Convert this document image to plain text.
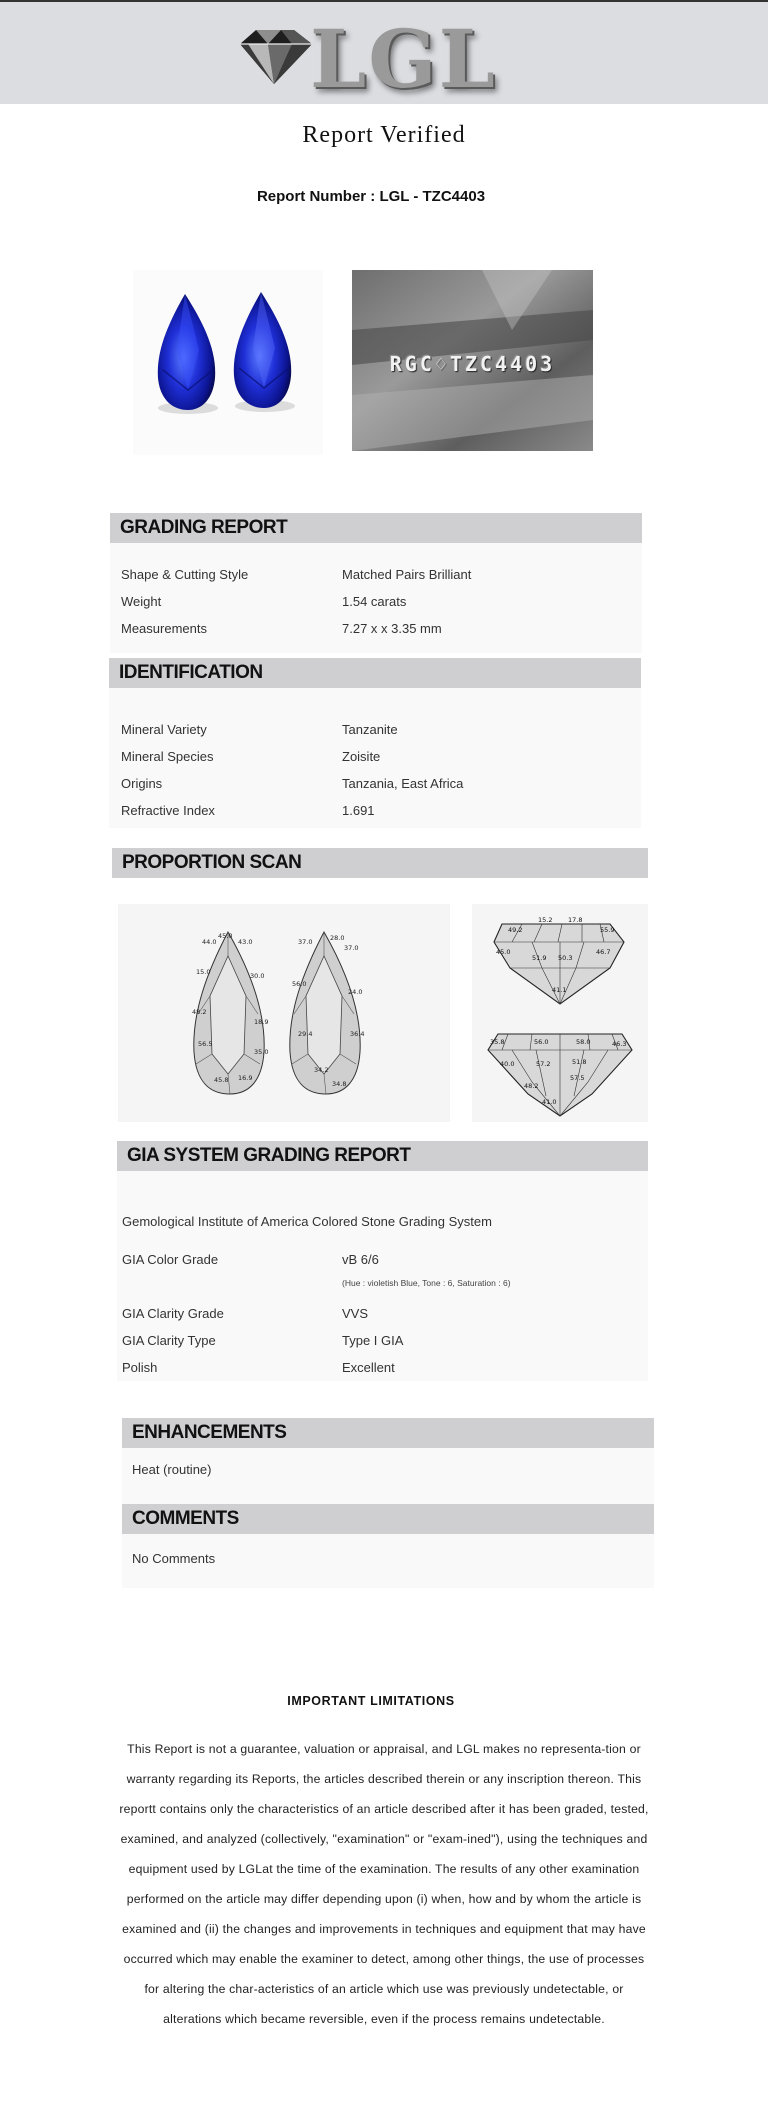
LGL
Report Verified
Report Number : LGL - TZC4403
RGC♢TZC4403
GRADING REPORT
Shape & Cutting Style	Matched Pairs Brilliant
Weight	1.54 carats
Measurements	7.27 x x 3.35 mm
IDENTIFICATION
Mineral Variety	Tanzanite
Mineral Species	Zoisite
Origins	Tanzania, East Africa
Refractive Index	1.691
PROPORTION SCAN
44.0
45.0
43.0
15.0	30.0
48.2
18.9
56.5
35.0
45.8 16.9
37.0	28.0
37.0
56.0
24.0
29.4	36.4
34.2
34.8
49.2
15.2 17.8
55.9
45.0
51.9 50.3
46.7
41.1
35.8	56.0	58.0	46.3
40.0	57.2	51.8
57.5
48.2
41.0
GIA SYSTEM GRADING REPORT
Gemological Institute of America Colored Stone Grading System
GIA Color Grade	vB 6/6
(Hue : violetish Blue, Tone : 6, Saturation : 6)
GIA Clarity Grade	VVS
GIA Clarity Type	Type I GIA
Polish	Excellent
ENHANCEMENTS
Heat (routine)
COMMENTS
No Comments
IMPORTANT LIMITATIONS
This Report is not a guarantee, valuation or appraisal, and LGL makes no representa-tion or warranty regarding its Reports, the articles described therein or any inscription thereon. This reportt contains only the characteristics of an article described after it has been graded, tested, examined, and analyzed (collectively, "examination" or "exam-ined"), using the techniques and equipment used by LGLat the time of the examination. The results of any other examination performed on the article may differ depending upon (i) when, how and by whom the article is examined and (ii) the changes and improvements in techniques and equipment that may have occurred which may enable the examiner to detect, among other things, the use of processes for altering the char-acteristics of an article which use was previously undetectable, or alterations which became reversible, even if the process remains undetectable.
